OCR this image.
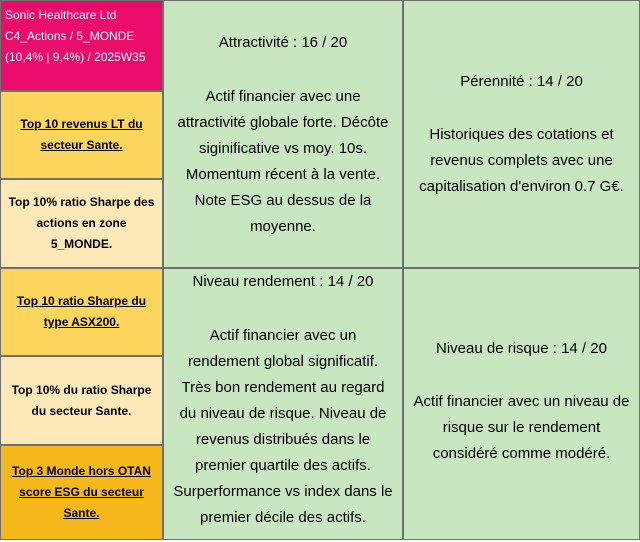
Sonic Healthcare Ltd
C4_Actions / 5_MONDE
(10,4% | 9,4%) / 2025W35
Top 10 revenus LT du secteur Sante.
Top 10% ratio Sharpe des actions en zone 5_MONDE.
Top 10 ratio Sharpe du type ASX200.
Top 10% du ratio Sharpe du secteur Sante.
Top 3 Monde hors OTAN score ESG du secteur Sante.
Attractivité : 16 / 20
Actif financier avec une
attractivité globale forte. Décôte
siginificative vs moy. 10s.
Momentum récent à la vente.
Note ESG au dessus de la
moyenne.
Pérennité : 14 / 20
Historiques des cotations et
revenus complets avec une
capitalisation d'environ 0.7 G€.
Niveau rendement : 14 / 20
Actif financier avec un
rendement global significatif.
Très bon rendement au regard
du niveau de risque. Niveau de
revenus distribués dans le
premier quartile des actifs.
Surperformance vs index dans le
premier décile des actifs.
Niveau de risque : 14 / 20
Actif financier avec un niveau de
risque sur le rendement
considéré comme modéré.
